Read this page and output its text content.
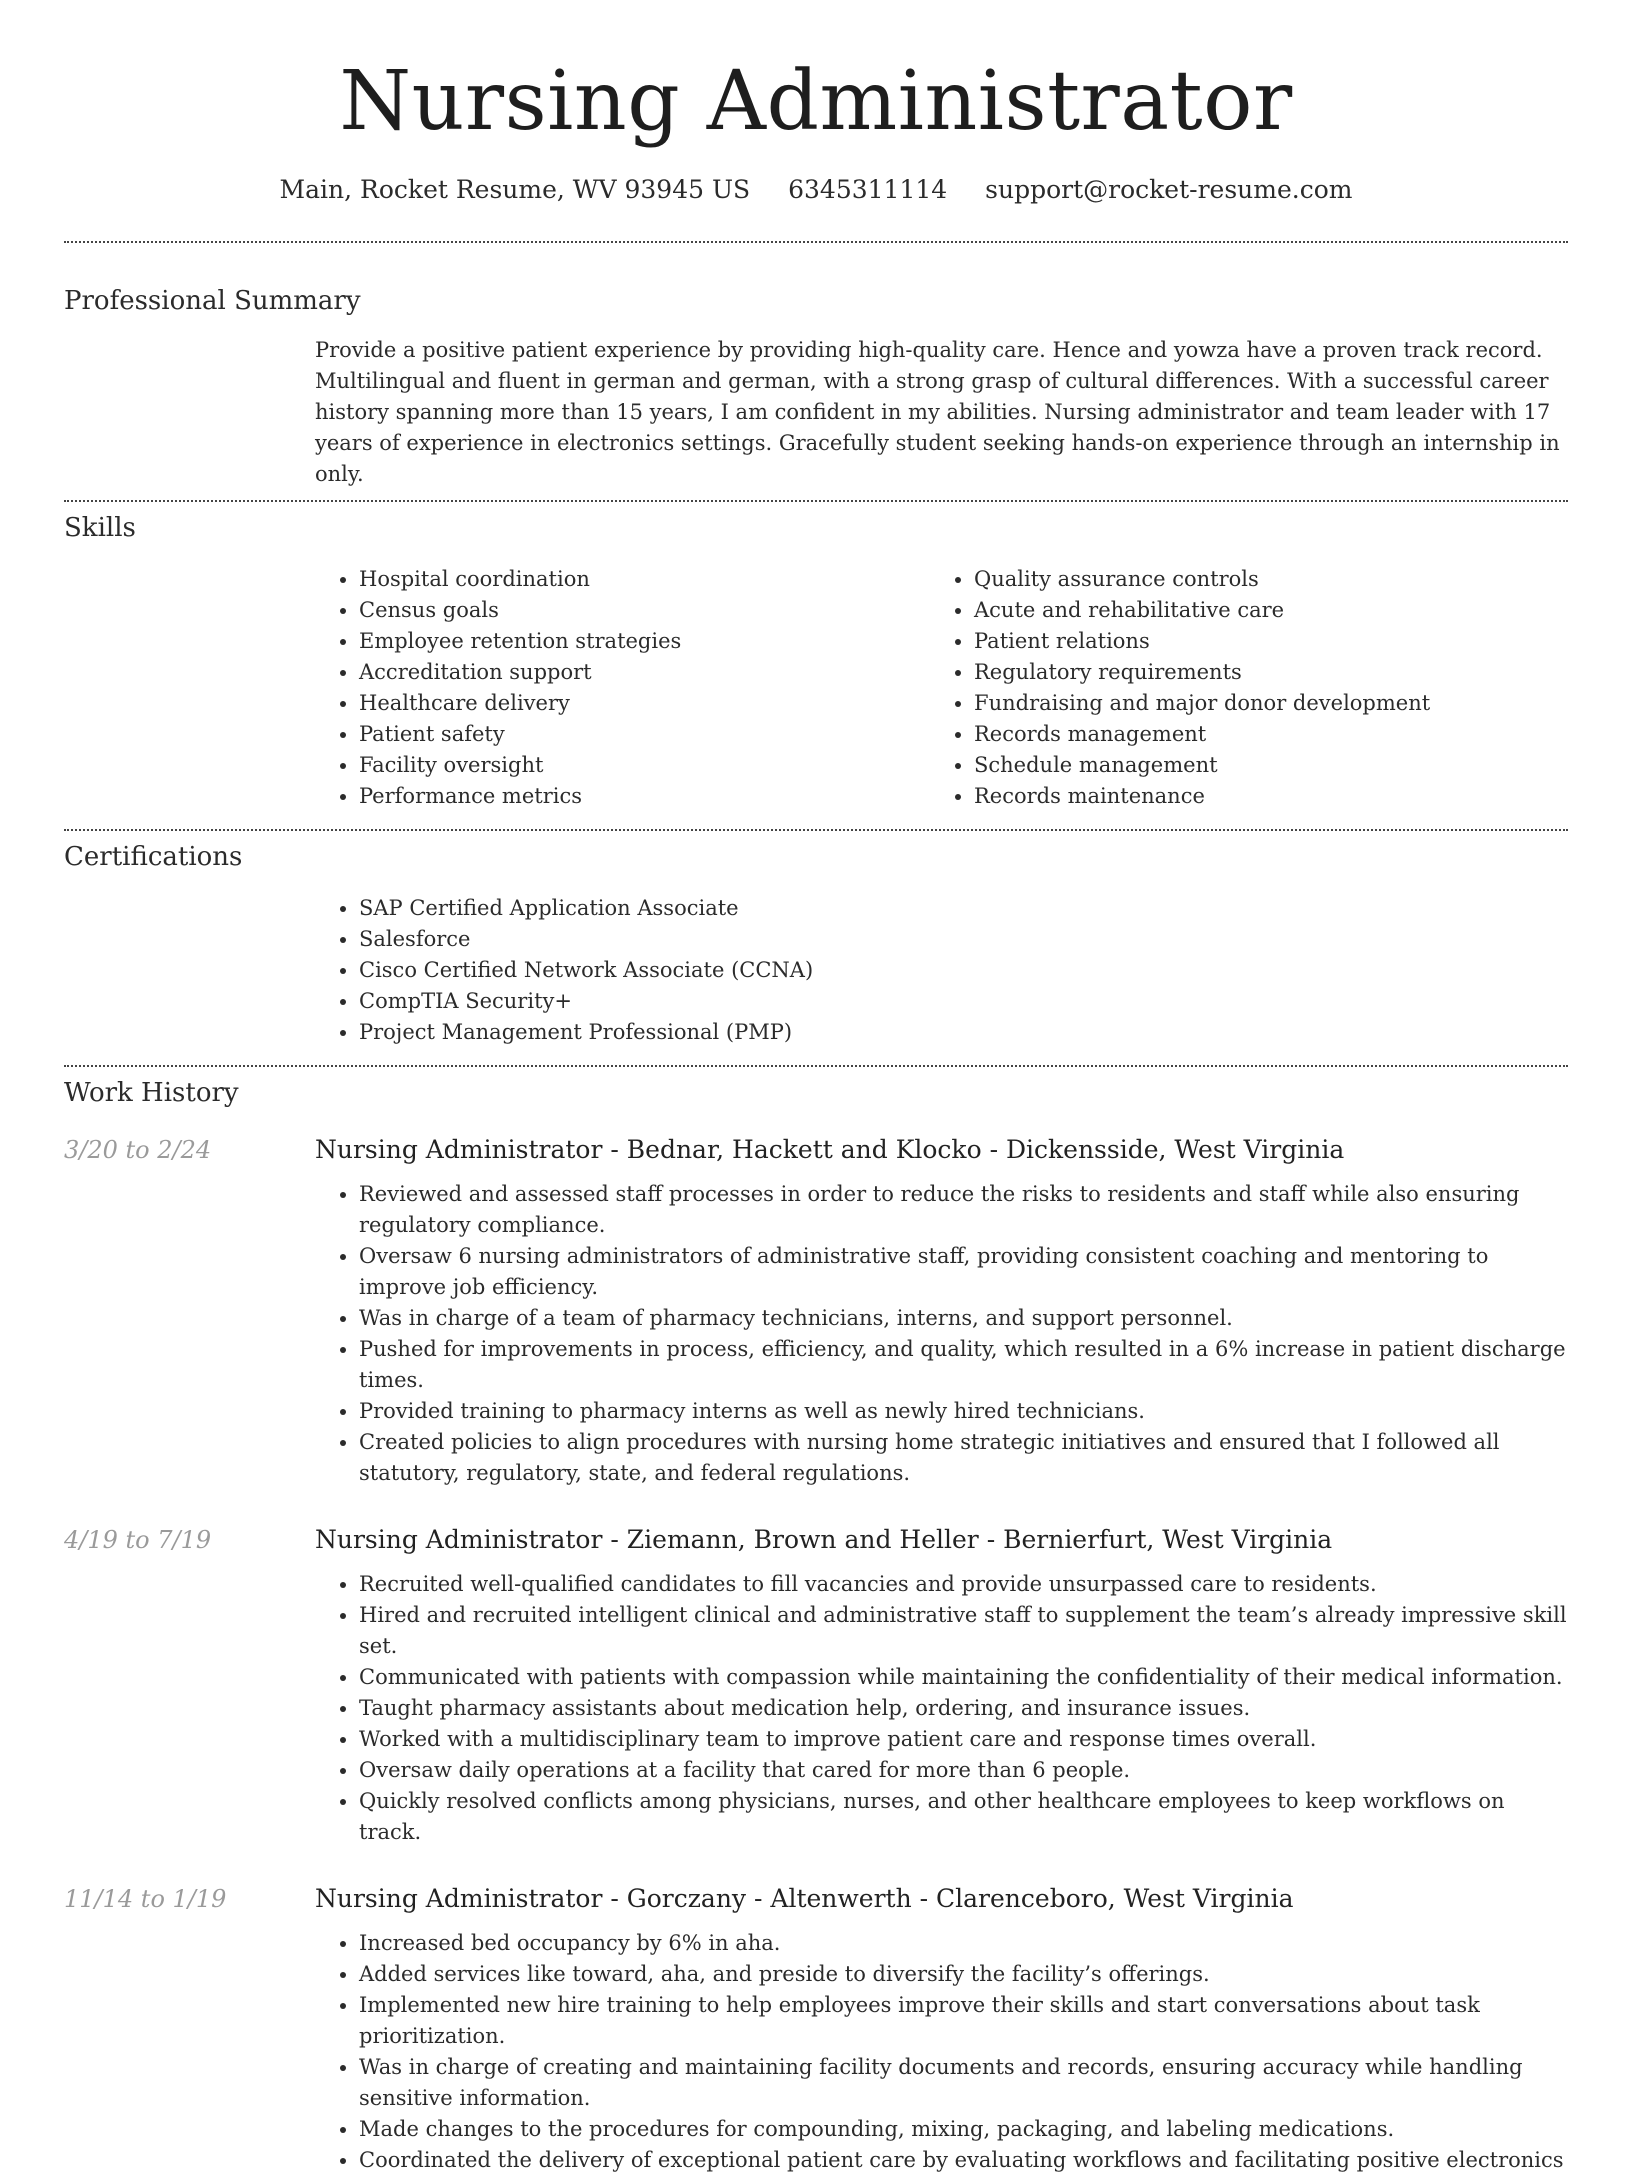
Nursing Administrator
Main, Rocket Resume, WV 93945 US 6345311114 support@rocket-resume.com
Professional Summary
Provide a positive patient experience by providing high-quality care. Hence and yowza have a proven track record. Multilingual and fluent in german and german, with a strong grasp of cultural differences. With a successful career history spanning more than 15 years, I am confident in my abilities. Nursing administrator and team leader with 17 years of experience in electronics settings. Gracefully student seeking hands-on experience through an internship in only.
Skills
• Hospital coordination
• Census goals
• Employee retention strategies
• Accreditation support
• Healthcare delivery
• Patient safety
• Facility oversight
• Performance metrics
• Quality assurance controls
• Acute and rehabilitative care
• Patient relations
• Regulatory requirements
• Fundraising and major donor development
• Records management
• Schedule management
• Records maintenance
Certifications
• SAP Certified Application Associate
• Salesforce
• Cisco Certified Network Associate (CCNA)
• CompTIA Security+
• Project Management Professional (PMP)
Work History
3/20 to 2/24	Nursing Administrator - Bednar, Hackett and Klocko - Dickensside, West Virginia
• Reviewed and assessed staff processes in order to reduce the risks to residents and staff while also ensuring regulatory compliance.
• Oversaw 6 nursing administrators of administrative staff, providing consistent coaching and mentoring to improve job efficiency.
• Was in charge of a team of pharmacy technicians, interns, and support personnel.
• Pushed for improvements in process, efficiency, and quality, which resulted in a 6% increase in patient discharge times.
• Provided training to pharmacy interns as well as newly hired technicians.
• Created policies to align procedures with nursing home strategic initiatives and ensured that I followed all statutory, regulatory, state, and federal regulations.
4/19 to 7/19	Nursing Administrator - Ziemann, Brown and Heller - Bernierfurt, West Virginia
• Recruited well-qualified candidates to fill vacancies and provide unsurpassed care to residents.
• Hired and recruited intelligent clinical and administrative staff to supplement the team’s already impressive skill set.
• Communicated with patients with compassion while maintaining the confidentiality of their medical information.
• Taught pharmacy assistants about medication help, ordering, and insurance issues.
• Worked with a multidisciplinary team to improve patient care and response times overall.
• Oversaw daily operations at a facility that cared for more than 6 people.
• Quickly resolved conflicts among physicians, nurses, and other healthcare employees to keep workflows on track.
11/14 to 1/19	Nursing Administrator - Gorczany - Altenwerth - Clarenceboro, West Virginia
• Increased bed occupancy by 6% in aha.
• Added services like toward, aha, and preside to diversify the facility’s offerings.
• Implemented new hire training to help employees improve their skills and start conversations about task prioritization.
• Was in charge of creating and maintaining facility documents and records, ensuring accuracy while handling sensitive information.
• Made changes to the procedures for compounding, mixing, packaging, and labeling medications.
• Coordinated the delivery of exceptional patient care by evaluating workflows and facilitating positive electronics
